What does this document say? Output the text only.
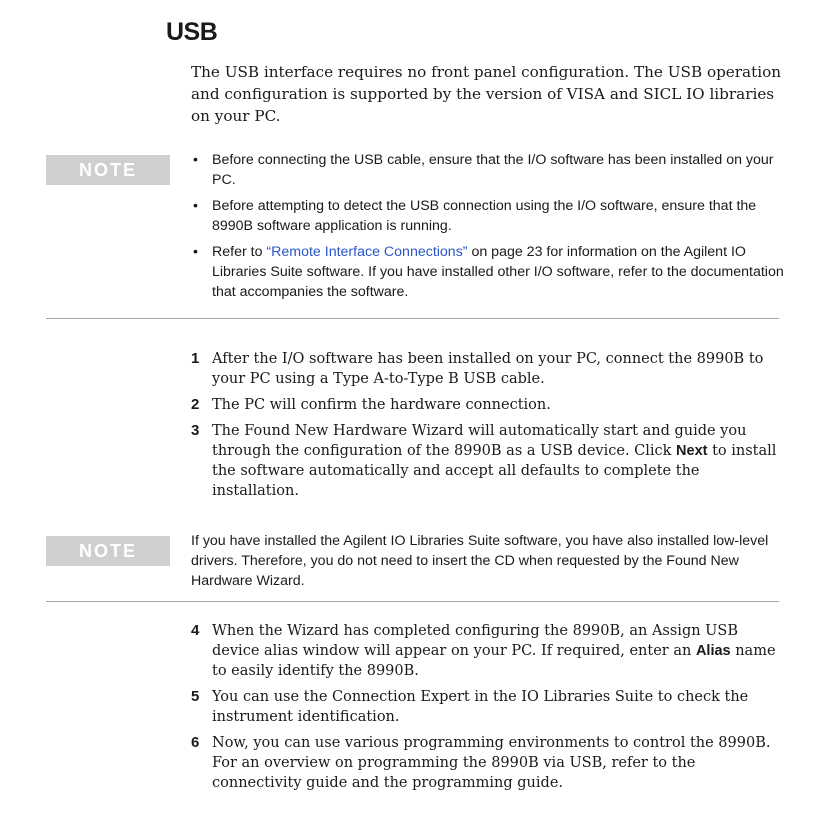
USB
The USB interface requires no front panel configuration. The USB operation and configuration is supported by the version of VISA and SICL IO libraries on your PC.
NOTE	• Before connecting the USB cable, ensure that the I/O software has been installed on your PC.
• Before attempting to detect the USB connection using the I/O software, ensure that the 8990B software application is running.
• Refer to “Remote Interface Connections” on page 23 for information on the Agilent IO Libraries Suite software. If you have installed other I/O software, refer to the documentation that accompanies the software.
1 After the I/O software has been installed on your PC, connect the 8990B to your PC using a Type A-to-Type B USB cable.
2 The PC will confirm the hardware connection.
3 The Found New Hardware Wizard will automatically start and guide you through the configuration of the 8990B as a USB device. Click Next to install the software automatically and accept all defaults to complete the installation.
NOTE	If you have installed the Agilent IO Libraries Suite software, you have also installed low-level drivers. Therefore, you do not need to insert the CD when requested by the Found New Hardware Wizard.
4 When the Wizard has completed configuring the 8990B, an Assign USB device alias window will appear on your PC. If required, enter an Alias name to easily identify the 8990B.
5 You can use the Connection Expert in the IO Libraries Suite to check the instrument identification.
6 Now, you can use various programming environments to control the 8990B. For an overview on programming the 8990B via USB, refer to the connectivity guide and the programming guide.
